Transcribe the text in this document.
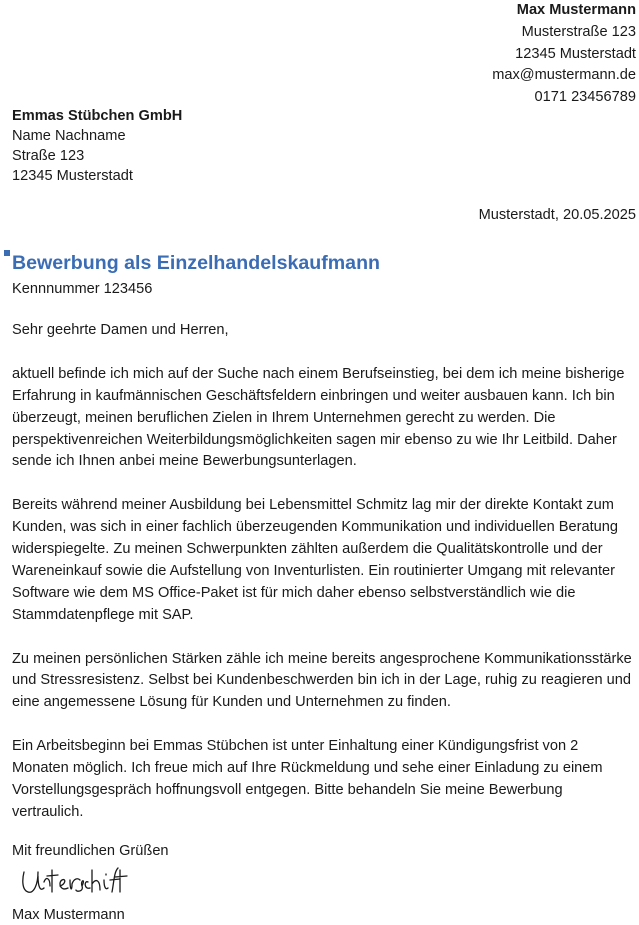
Max Mustermann
Musterstraße 123
12345 Musterstadt
max@mustermann.de
0171 23456789
Emmas Stübchen GmbH
Name Nachname
Straße 123
12345 Musterstadt
Musterstadt, 20.05.2025
Bewerbung als Einzelhandelskaufmann
Kennnummer 123456

Sehr geehrte Damen und Herren,

aktuell befinde ich mich auf der Suche nach einem Berufseinstieg, bei dem ich meine bisherige Erfahrung in kaufmännischen Geschäftsfeldern einbringen und weiter ausbauen kann. Ich bin überzeugt, meinen beruflichen Zielen in Ihrem Unternehmen gerecht zu werden. Die perspektivenreichen Weiterbildungsmöglichkeiten sagen mir ebenso zu wie Ihr Leitbild. Daher sende ich Ihnen anbei meine Bewerbungsunterlagen.

Bereits während meiner Ausbildung bei Lebensmittel Schmitz lag mir der direkte Kontakt zum Kunden, was sich in einer fachlich überzeugenden Kommunikation und individuellen Beratung widerspiegelte. Zu meinen Schwerpunkten zählten außerdem die Qualitätskontrolle und der Wareneinkauf sowie die Aufstellung von Inventurlisten. Ein routinierter Umgang mit relevanter Software wie dem MS Office-Paket ist für mich daher ebenso selbstverständlich wie die Stammdatenpflege mit SAP.

Zu meinen persönlichen Stärken zähle ich meine bereits angesprochene Kommunikationsstärke und Stressresistenz. Selbst bei Kundenbeschwerden bin ich in der Lage, ruhig zu reagieren und eine angemessene Lösung für Kunden und Unternehmen zu finden.

Ein Arbeitsbeginn bei Emmas Stübchen ist unter Einhaltung einer Kündigungsfrist von 2 Monaten möglich. Ich freue mich auf Ihre Rückmeldung und sehe einer Einladung zu einem Vorstellungsgespräch hoffnungsvoll entgegen. Bitte behandeln Sie meine Bewerbung vertraulich.

Mit freundlichen Grüßen
Max Mustermann
